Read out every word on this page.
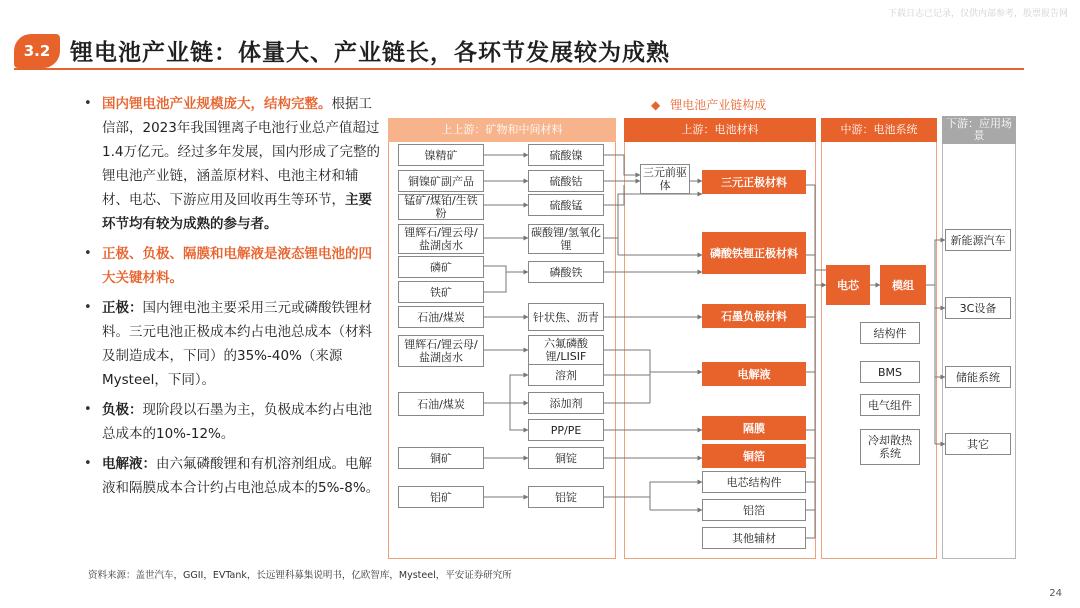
下载日志已记录，仅供内部参考，股票报告网
3.2 锂电池产业链：体量大、产业链长，各环节发展较为成熟
• 国内锂电池产业规模庞大，结构完整。根据工信部，2023年我国锂离子电池行业总产值超过1.4万亿元。经过多年发展，国内形成了完整的锂电池产业链，涵盖原材料、电池主材和辅材、电芯、下游应用及回收再生等环节，主要环节均有较为成熟的参与者。
• 正极、负极、隔膜和电解液是液态锂电池的四大关键材料。
• 正极：国内锂电池主要采用三元或磷酸铁锂材料。三元电池正极成本约占电池总成本（材料及制造成本，下同）的35%-40%（来源Mysteel，下同）。
• 负极：现阶段以石墨为主，负极成本约占电池总成本的10%-12%。
• 电解液：由六氟磷酸锂和有机溶剂组成。电解液和隔膜成本合计约占电池总成本的5%-8%。
资料来源：盖世汽车，GGII，EVTank，长远锂科募集说明书，亿欧智库，Mysteel，平安证券研究所
24
◆ 锂电池产业链构成
上上游：矿物和中间材料	上游：电池材料	中游：电池系统	下游：应用场景
镍精矿
铜镍矿副产品
锰矿/煤铂/生铁粉
锂辉石/锂云母/盐湖卤水
磷矿
铁矿
石油/煤炭
锂辉石/锂云母/盐湖卤水
石油/煤炭
铜矿
铝矿
硫酸镍
硫酸钴
硫酸锰
碳酸锂/氢氧化锂
磷酸铁
针状焦、沥青
六氟磷酸锂/LISIF
溶剂
添加剂
PP/PE
铜锭
铝锭
三元前驱体	三元正极材料
磷酸铁锂正极材料
石墨负极材料
电解液
隔膜
铜箔
电芯结构件
铝箔
其他辅材
电芯	模组
结构件
BMS
电气组件
冷却散热系统
新能源汽车
3C设备
储能系统
其它
